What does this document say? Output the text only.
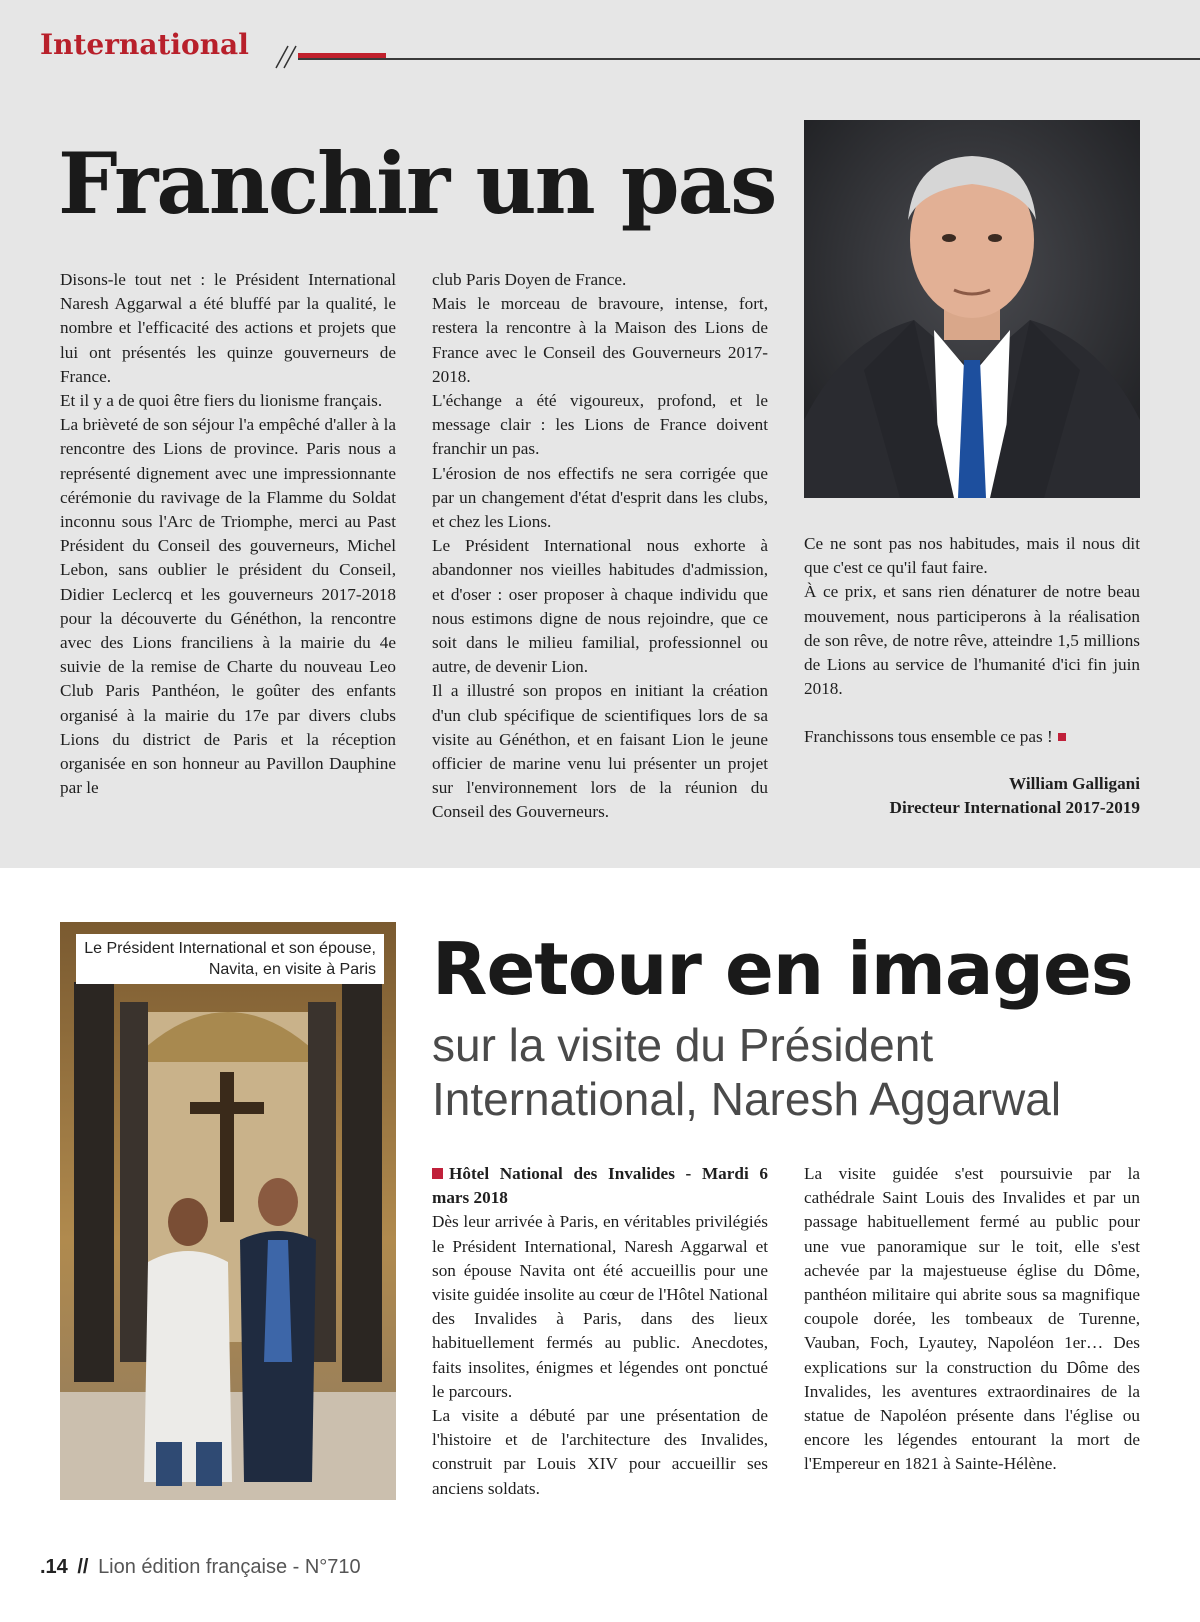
International
Franchir un pas

Disons-le tout net : le Président International Naresh Aggarwal a été bluffé par la qualité, le nombre et l'efficacité des actions et projets que lui ont présentés les quinze gouverneurs de France.

Et il y a de quoi être fiers du lionisme français.

La brièveté de son séjour l'a empêché d'aller à la rencontre des Lions de province. Paris nous a représenté dignement avec une impressionnante cérémonie du ravivage de la Flamme du Soldat inconnu sous l'Arc de Triomphe, merci au Past Président du Conseil des gouverneurs, Michel Lebon, sans oublier le président du Conseil, Didier Leclercq et les gouverneurs 2017-2018 pour la découverte du Généthon, la rencontre avec des Lions franciliens à la mairie du 4e suivie de la remise de Charte du nouveau Leo Club Paris Panthéon, le goûter des enfants organisé à la mairie du 17e par divers clubs Lions du district de Paris et la réception organisée en son honneur au Pavillon Dauphine par le

club Paris Doyen de France.

Mais le morceau de bravoure, intense, fort, restera la rencontre à la Maison des Lions de France avec le Conseil des Gouverneurs 2017-2018.

L'échange a été vigoureux, profond, et le message clair : les Lions de France doivent franchir un pas.

L'érosion de nos effectifs ne sera corrigée que par un changement d'état d'esprit dans les clubs, et chez les Lions.

Le Président International nous exhorte à abandonner nos vieilles habitudes d'admission, et d'oser : oser proposer à chaque individu que nous estimons digne de nous rejoindre, que ce soit dans le milieu familial, professionnel ou autre, de devenir Lion.

Il a illustré son propos en initiant la création d'un club spécifique de scientifiques lors de sa visite au Généthon, et en faisant Lion le jeune officier de marine venu lui présenter un projet sur l'environnement lors de la réunion du Conseil des Gouverneurs.

Ce ne sont pas nos habitudes, mais il nous dit que c'est ce qu'il faut faire.

À ce prix, et sans rien dénaturer de notre beau mouvement, nous participerons à la réalisation de son rêve, de notre rêve, atteindre 1,5 millions de Lions au service de l'humanité d'ici fin juin 2018.

Franchissons tous ensemble ce pas !

William Galligani

Directeur International 2017-2019

Le Président International et son épouse,
Navita, en visite à Paris Retour en images
sur la visite du Président
International, Naresh Aggarwal

Hôtel National des Invalides - Mardi 6 mars 2018

Dès leur arrivée à Paris, en véritables privilégiés le Président International, Naresh Aggarwal et son épouse Navita ont été accueillis pour une visite guidée insolite au cœur de l'Hôtel National des Invalides à Paris, dans des lieux habituellement fermés au public. Anecdotes, faits insolites, énigmes et légendes ont ponctué le parcours.

La visite a débuté par une présentation de l'histoire et de l'architecture des Invalides, construit par Louis XIV pour accueillir ses anciens soldats.

La visite guidée s'est poursuivie par la cathédrale Saint Louis des Invalides et par un passage habituellement fermé au public pour une vue panoramique sur le toit, elle s'est achevée par la majestueuse église du Dôme, panthéon militaire qui abrite sous sa magnifique coupole dorée, les tombeaux de Turenne, Vauban, Foch, Lyautey, Napoléon 1er… Des explications sur la construction du Dôme des Invalides, les aventures extraordinaires de la statue de Napoléon présente dans l'église ou encore les légendes entourant la mort de l'Empereur en 1821 à Sainte-Hélène.

.14 // Lion édition française - N°710
